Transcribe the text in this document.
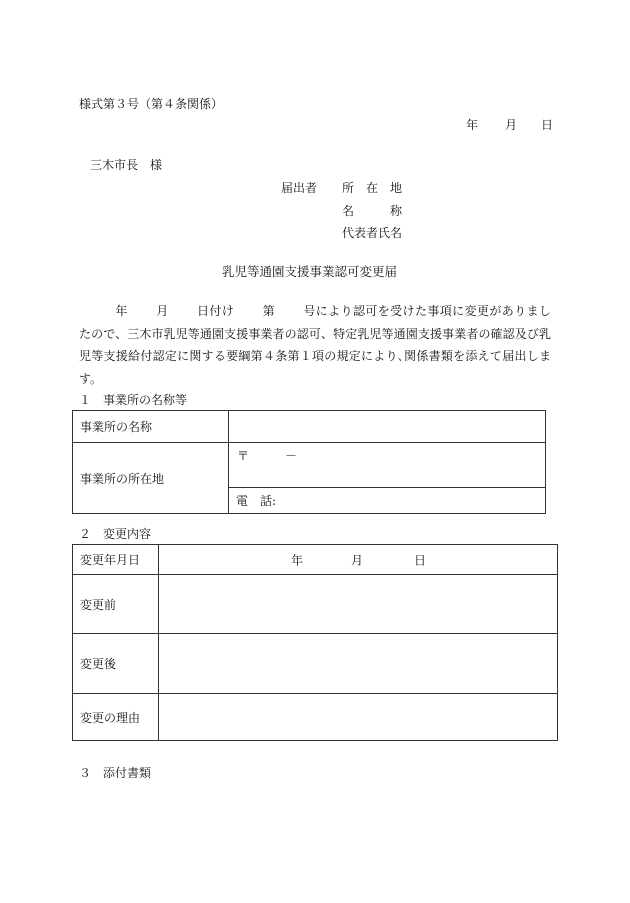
様式第３号（第４条関係）
年 月 日
三木市長　様
届出者 所　在　地
名　　　称
代表者氏名
乳児等通園支援事業認可変更届
年 月 日付け 第 号により認可を受けた事項に変更がありましたので、三木市乳児等通園支援事業者の認可、特定乳児等通園支援事業者の確認及び乳児等支援給付認定に関する要綱第４条第１項の規定により､関係書類を添えて届出します。
１　事業所の名称等
事業所の名称	
事業所の所在地	〒 －

	電　話:
２　変更内容
変更年月日	年 月 日

変更前	
変更後	
変更の理由	
３　添付書類
